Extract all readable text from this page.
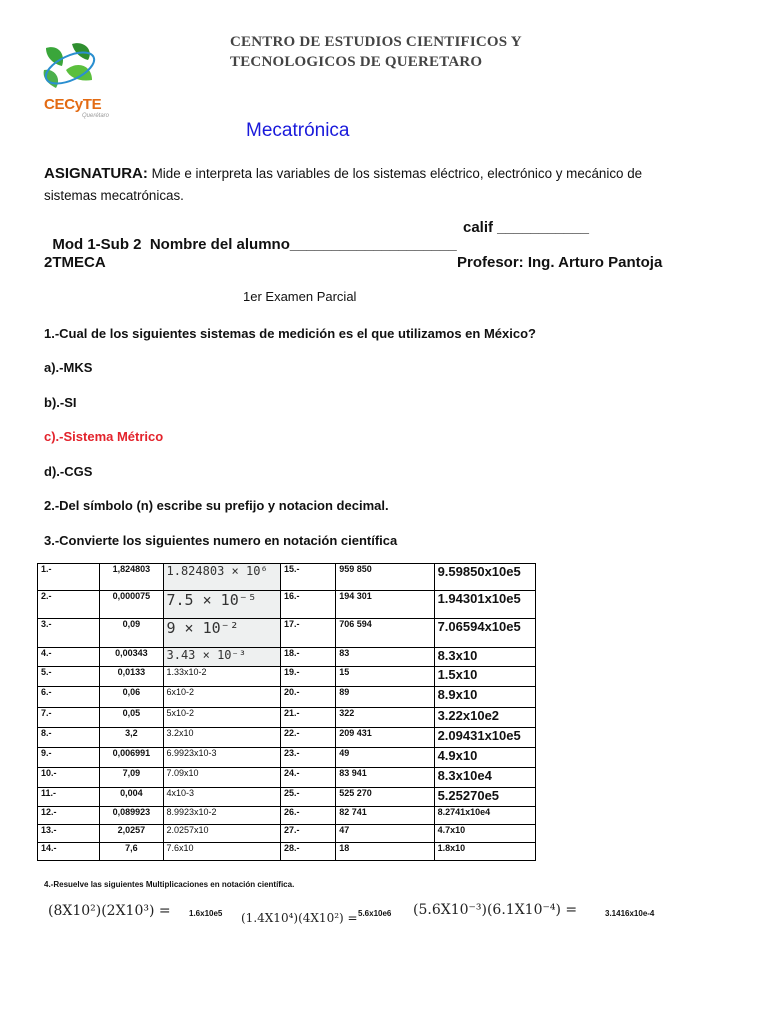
CECyTE
Querétaro
CENTRO DE ESTUDIOS CIENTIFICOS Y
TECNOLOGICOS DE QUERETARO
Mecatrónica
ASIGNATURA: Mide e interpreta las variables de los sistemas eléctrico, electrónico y mecánico de sistemas mecatrónicas.

Mod 1-Sub 2  Nombre del alumno____________________

calif ___________

2TMECA	Profesor: Ing. Arturo Pantoja
1er Examen Parcial
1.-Cual de los siguientes sistemas de medición es el que utilizamos en México?
a).-MKS
b).-SI
c).-Sistema Métrico
d).-CGS
2.-Del símbolo (n) escribe su prefijo y notacion decimal.
3.-Convierte los siguientes numero en notación científica
1.-	1,824803	1.824803 × 10⁶	15.-	959 850	9.59850x10e5
2.-	0,000075	7.5 × 10⁻⁵	16.-	194 301	1.94301x10e5
3.-	0,09	9 × 10⁻²	17.-	706 594	7.06594x10e5
4.-	0,00343	3.43 × 10⁻³	18.-	83	8.3x10
5.-	0,0133	1.33x10-2	19.-	15	1.5x10
6.-	0,06	6x10-2	20.-	89	8.9x10
7.-	0,05	5x10-2	21.-	322	3.22x10e2
8.-	3,2	3.2x10	22.-	209 431	2.09431x10e5
9.-	0,006991	6.9923x10-3	23.-	49	4.9x10
10.-	7,09	7.09x10	24.-	83 941	8.3x10e4
11.-	0,004	4x10-3	25.-	525 270	5.25270e5
12.-	0,089923	8.9923x10-2	26.-	82 741	8.2741x10e4
13.-	2,0257	2.0257x10	27.-	47	4.7x10
14.-	7,6	7.6x10	28.-	18	1.8x10
4.-Resuelve las siguientes Multiplicaciones en notación científica.
(8X10²)(2X10³) = 1.6x10e5 (1.4X10⁴)(4X10²) = 5.6x10e6 (5.6X10⁻³)(6.1X10⁻⁴) =	3.1416x10e-4
